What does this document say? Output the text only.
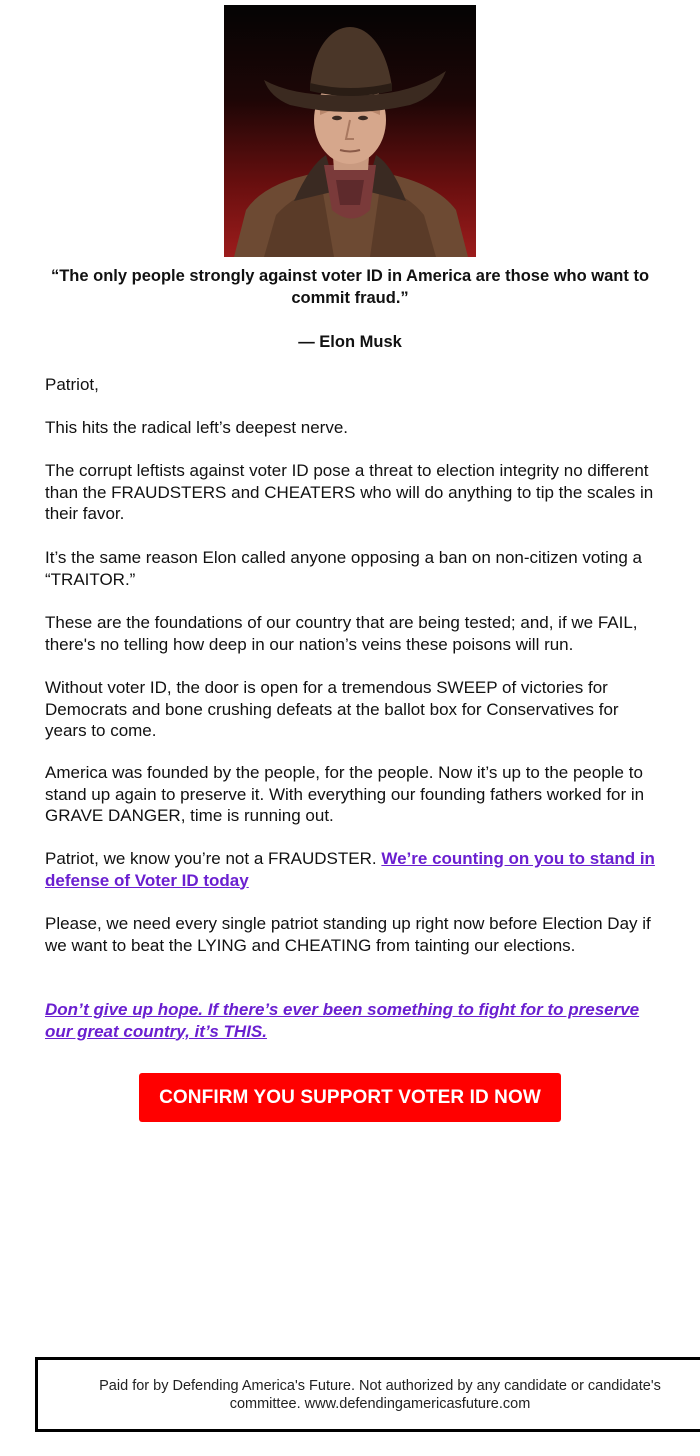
“The only people strongly against voter ID in America are those who want to commit fraud.”

— Elon Musk

Patriot,

This hits the radical left’s deepest nerve.

The corrupt leftists against voter ID pose a threat to election integrity no different than the FRAUDSTERS and CHEATERS who will do anything to tip the scales in their favor.

It’s the same reason Elon called anyone opposing a ban on non-citizen voting a “TRAITOR.”

These are the foundations of our country that are being tested; and, if we FAIL, there's no telling how deep in our nation’s veins these poisons will run.

Without voter ID, the door is open for a tremendous SWEEP of victories for Democrats and bone crushing defeats at the ballot box for Conservatives for years to come.

America was founded by the people, for the people. Now it’s up to the people to stand up again to preserve it. With everything our founding fathers worked for in GRAVE DANGER, time is running out.

Patriot, we know you’re not a FRAUDSTER. We’re counting on you to stand in defense of Voter ID today

Please, we need every single patriot standing up right now before Election Day if we want to beat the LYING and CHEATING from tainting our elections.

Don’t give up hope. If there’s ever been something to fight for to preserve our great country, it’s THIS.

CONFIRM YOU SUPPORT VOTER ID NOW
Paid for by Defending America's Future. Not authorized by any candidate or candidate's committee. www.defendingamericasfuture.com
